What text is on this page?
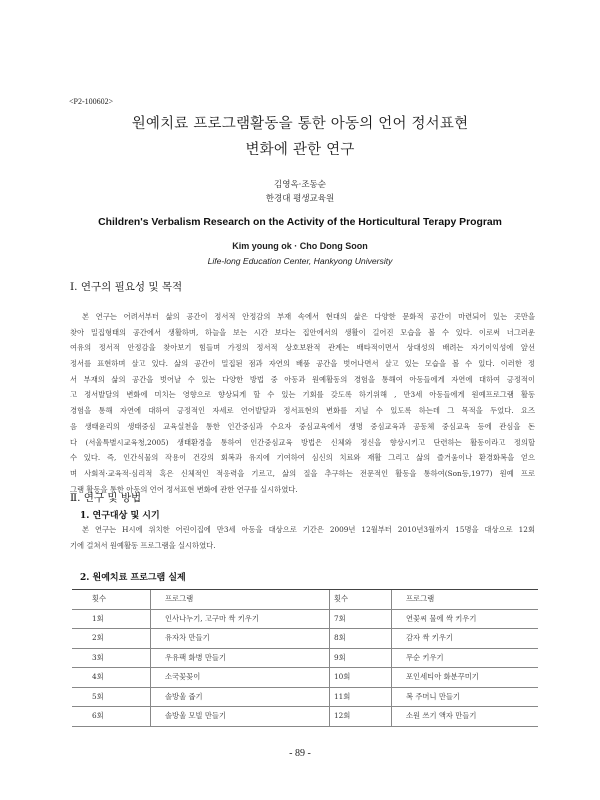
<P2-100602>
원예치료 프로그램활동을 통한 아동의 언어 정서표현
변화에 관한 연구
김영옥·조동순
한경대 평생교육원
Children's Verbalism Research on the Activity of the Horticultural Terapy Program
Kim young ok · Cho Dong Soon
Life-long Education Center, Hankyong University
Ⅰ. 연구의 필요성 및 목적
본 연구는 어려서부터 삶의 공간이 정서적 안정감의 부재 속에서 현대의 삶은 다양한 문화적 공간이 마련되어 있는 곳만을
찾아 밀집형태의 공간에서 생활하며, 하늘을 보는 시간 보다는 집안에서의 생활이 길어진 모습을 볼 수 있다. 이로써 너그러운
여유의 정서적 안정감을 찾아보기 힘들며 가정의 정서적 상호보완적 관계는 배타적이면서 상대성의 배려는 자기이익성에 앞선
정서를 표현하며 살고 있다. 삶의 공간이 밀집된 점과 자연의 배품 공간을 벗어나면서 살고 있는 모습을 볼 수 있다. 이러한 정
서 부재의 삶의 공간을 벗어날 수 있는 다양한 방법 중 아동과 원예활동의 경험을 통해여 아동들에게 자연에 대하여 긍정적이
고 정서발달의 변화에 미치는 영향으로 향상되게 할 수 있는 기회를 갖도록 하기위해 , 만3세 아동들에게 원예프로그램 활동
경험을 통해 자연에 대하여 긍정적인 자세로 언어발달과 정서표현의 변화를 지닐 수 있도록 하는데 그 목적을 두었다. 요즈
음 생태윤리의 생태중심 교육실천을 통한 인간중심과 수요자 중심교육에서 생명 중심교육과 공동체 중심교육 등에 관심을 돈
다 (서울특별시교육청,2005) 생태환경을 통하여 인간중심교육 방법은 신체와 정신을 향상시키고 단련하는 활동이라고 정의할
수 있다. 즉, 인간식물의 작용이 건강의 회복과 유지에 기여하여 심신의 치료와 재활 그리고 삶의 즐거움이나 환경화복을 얻으
며 사회적·교육적·심리적 혹은 신체적인 적응력을 기르고, 삶의 질을 추구하는 전문적인 활동을 통하여(Son등,1977) 원예 프로
그램 활동을 통한 아동의 언어 정서표현 변화에 관한 연구를 실시하였다.
Ⅱ. 연구 및 방법
1. 연구대상 및 시기
본 연구는 H시에 위치한 어린이집에 만3세 아동을 대상으로 기간은 2009년 12월부터 2010년3월까지 15명을 대상으로 12회
기에 걸쳐서 원예활동 프로그램을 실시하였다.
2. 원예치료 프로그램 실제
횟수	프로그램	횟수	프로그램
1회	인사나누기, 고구마 싹 키우기	7회	연꽃씨 물에 싹 키우기
2회	유자차 만들기	8회	감자 싹 키우기
3회	우유팩 화병 만들기	9회	무순 키우기
4회	소국꽃꽂이	10회	포인세티아 화분꾸미기
5회	솔방울 줍기	11회	복 주머니 만들기
6회	솔방울 모빌 만들기	12회	소원 쓰기 액자 만들기
- 89 -
